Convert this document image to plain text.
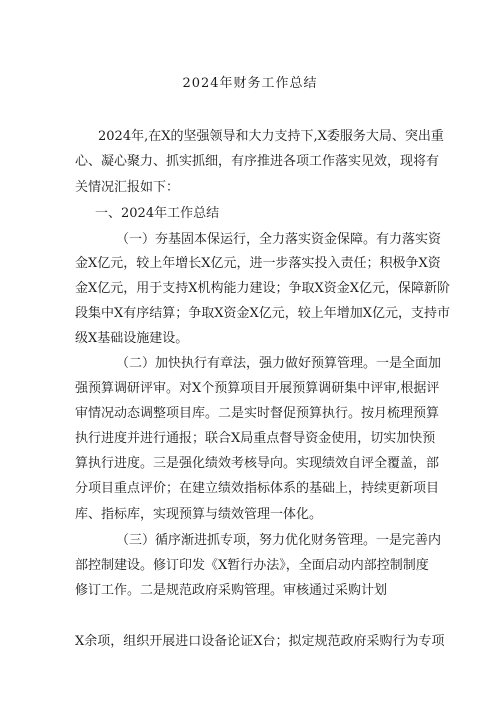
2024年财务工作总结
2024年,在X的坚强领导和大力支持下,X委服务大局、突出重
心、凝心聚力、抓实抓细，有序推进各项工作落实见效，现将有
关情况汇报如下：
一、2024年工作总结
（一）夯基固本保运行，全力落实资金保障。有力落实资
金X亿元，较上年增长X亿元，进一步落实投入责任；积极争X资
金X亿元，用于支持X机构能力建设；争取X资金X亿元，保障新阶
段集中X有序结算；争取X资金X亿元，较上年增加X亿元，支持市
级X基础设施建设。
（二）加快执行有章法，强力做好预算管理。一是全面加
强预算调研评审。对X个预算项目开展预算调研集中评审,根据评
审情况动态调整项目库。二是实时督促预算执行。按月梳理预算
执行进度并进行通报；联合X局重点督导资金使用，切实加快预
算执行进度。三是强化绩效考核导向。实现绩效自评全覆盖，部
分项目重点评价；在建立绩效指标体系的基础上，持续更新项目
库、指标库，实现预算与绩效管理一体化。
（三）循序渐进抓专项，努力优化财务管理。一是完善内
部控制建设。修订印发《X暂行办法》，全面启动内部控制制度
修订工作。二是规范政府采购管理。审核通过采购计划
X余项，组织开展进口设备论证X台；拟定规范政府采购行为专项
